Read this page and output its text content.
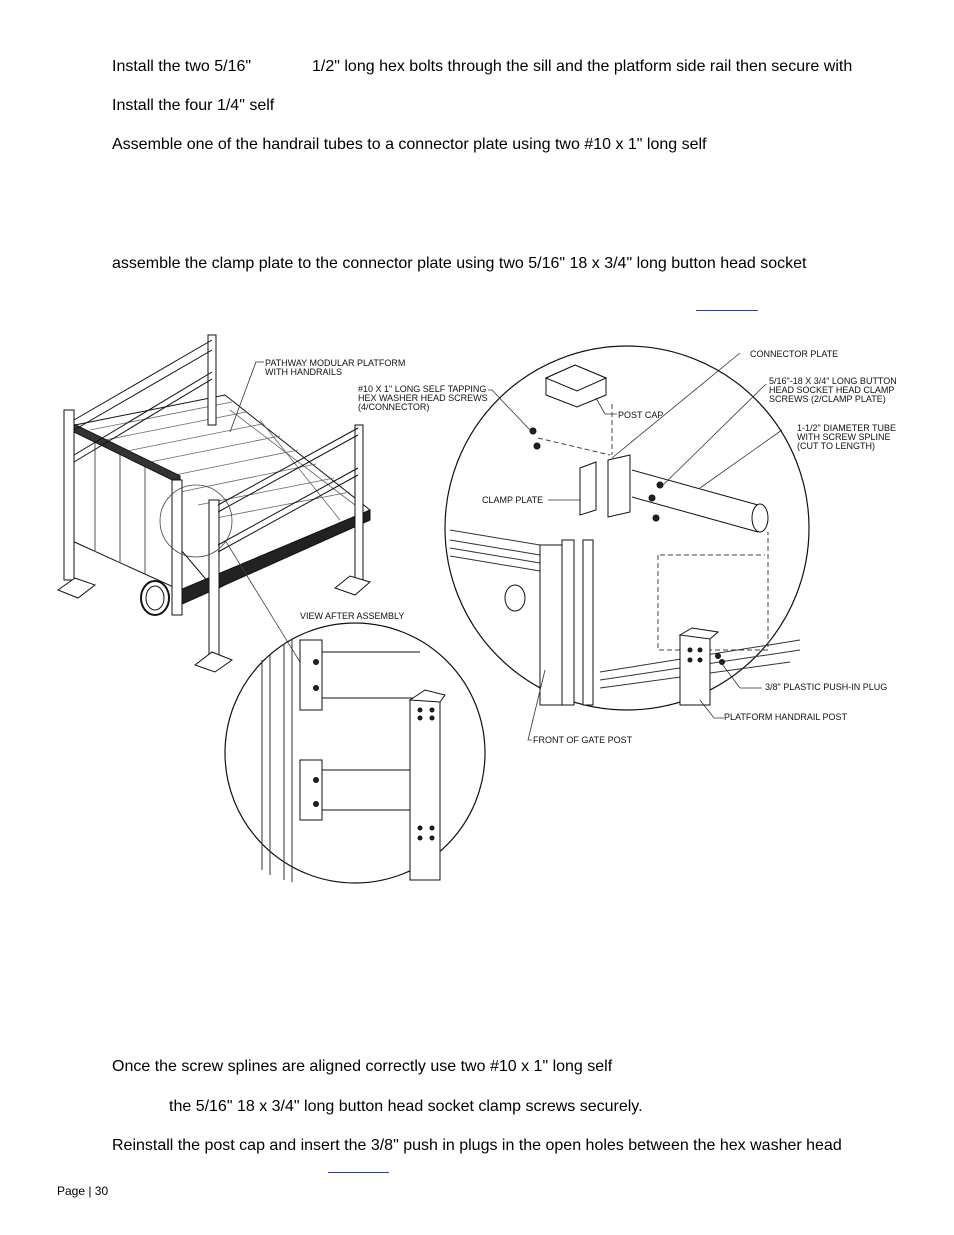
Install the two 5/16"	1/2" long hex bolts through the sill and the platform side rail then secure with
Install the four 1/4" self
Assemble one of the handrail tubes to a connector plate using two #10 x 1" long self
assemble the clamp plate to the connector plate using two 5/16" 18 x 3/4" long button head socket
Once the screw splines are aligned correctly use two #10 x 1" long self
the 5/16" 18 x 3/4" long button head socket clamp screws securely.
Reinstall the post cap and insert the 3/8" push in plugs in the open holes between the hex washer head
PATHWAY MODULAR PLATFORM
WITH HANDRAILS
#10 X 1" LONG SELF TAPPING
HEX WASHER HEAD SCREWS
(4/CONNECTOR)
CONNECTOR PLATE
5/16"-18 X 3/4" LONG BUTTON
HEAD SOCKET HEAD CLAMP
SCREWS (2/CLAMP PLATE)
POST CAP
1-1/2" DIAMETER TUBE
WITH SCREW SPLINE
(CUT TO LENGTH)
CLAMP PLATE
3/8" PLASTIC PUSH-IN PLUG
PLATFORM HANDRAIL POST
FRONT OF GATE POST
VIEW AFTER ASSEMBLY
Page | 30
